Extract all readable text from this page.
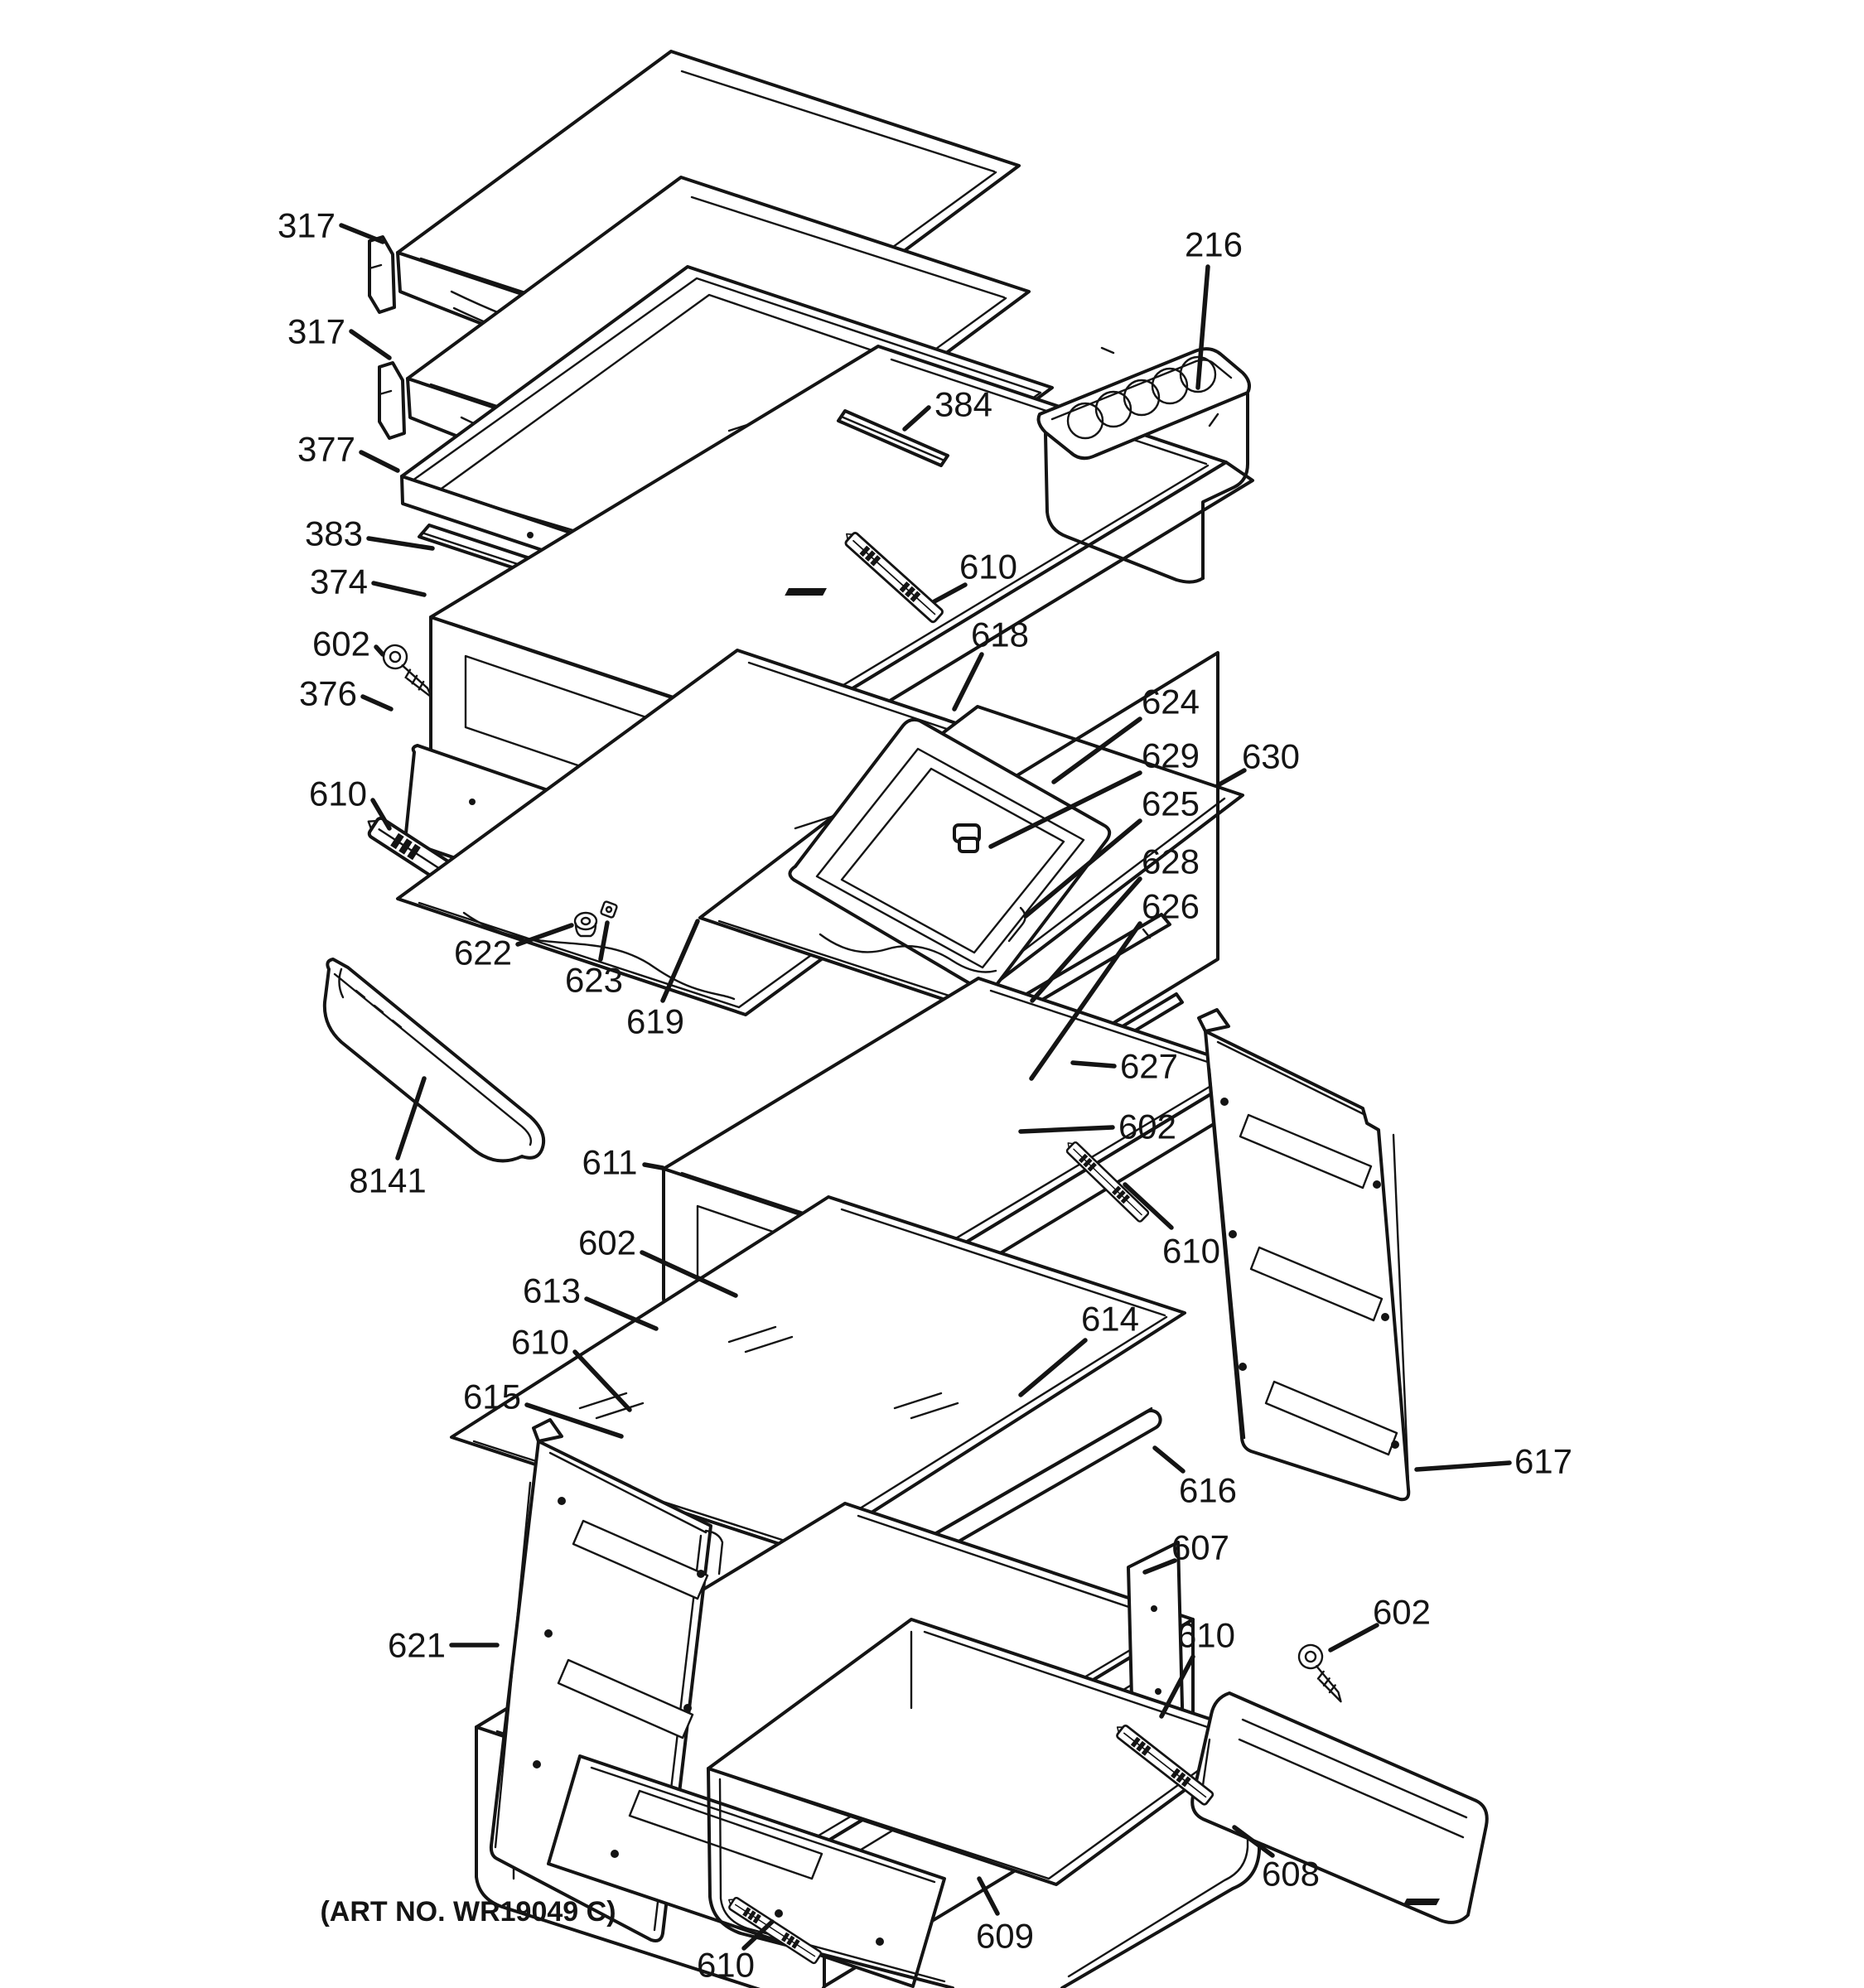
317
317
377
383
374
602
376
610
216
384
610
618
624
629 630
625
628
626
622
623
619
8141
627
602
611
602
613
610
615
610
614
616
607
617
602
610
621
608
609
610
(ART NO. WR19049 C)
